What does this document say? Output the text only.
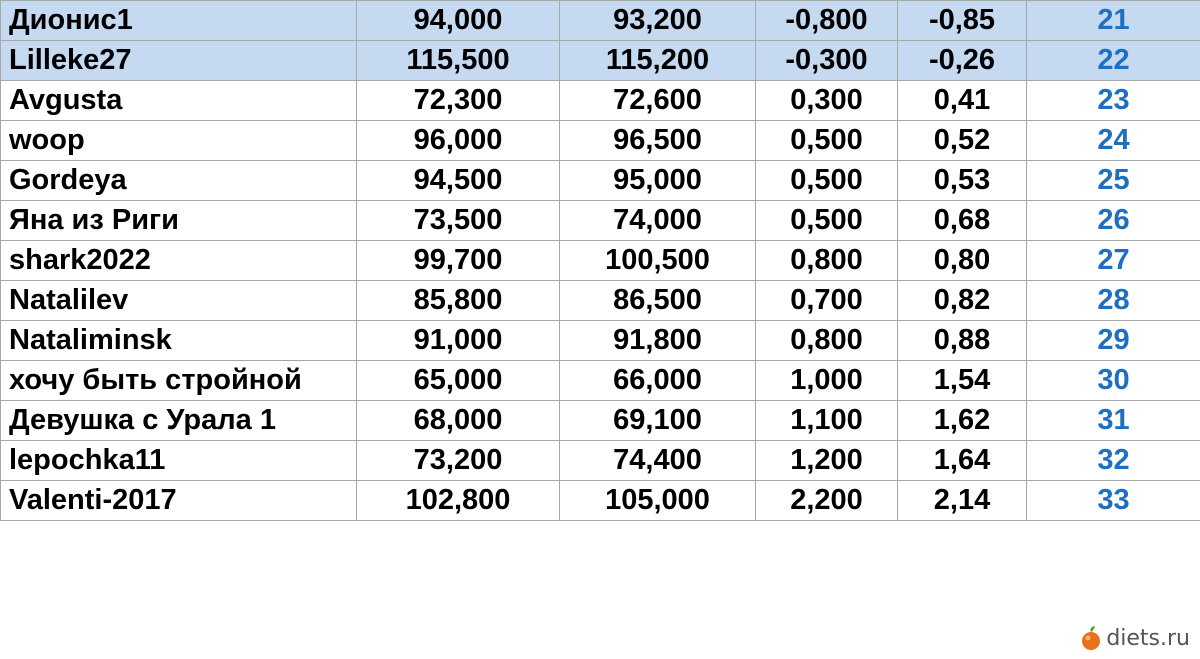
Дионис1	94,000	93,200	-0,800	-0,85	21
Lilleke27	115,500	115,200	-0,300	-0,26	22
Avgusta	72,300	72,600	0,300	0,41	23
woop	96,000	96,500	0,500	0,52	24
Gordeya	94,500	95,000	0,500	0,53	25
Яна из Риги	73,500	74,000	0,500	0,68	26
shark2022	99,700	100,500	0,800	0,80	27
Natalilev	85,800	86,500	0,700	0,82	28
Nataliminsk	91,000	91,800	0,800	0,88	29
хочу быть стройной	65,000	66,000	1,000	1,54	30
Девушка с Урала 1	68,000	69,100	1,100	1,62	31
lepochka11	73,200	74,400	1,200	1,64	32
Valenti-2017	102,800	105,000	2,200	2,14	33
diets.ru
